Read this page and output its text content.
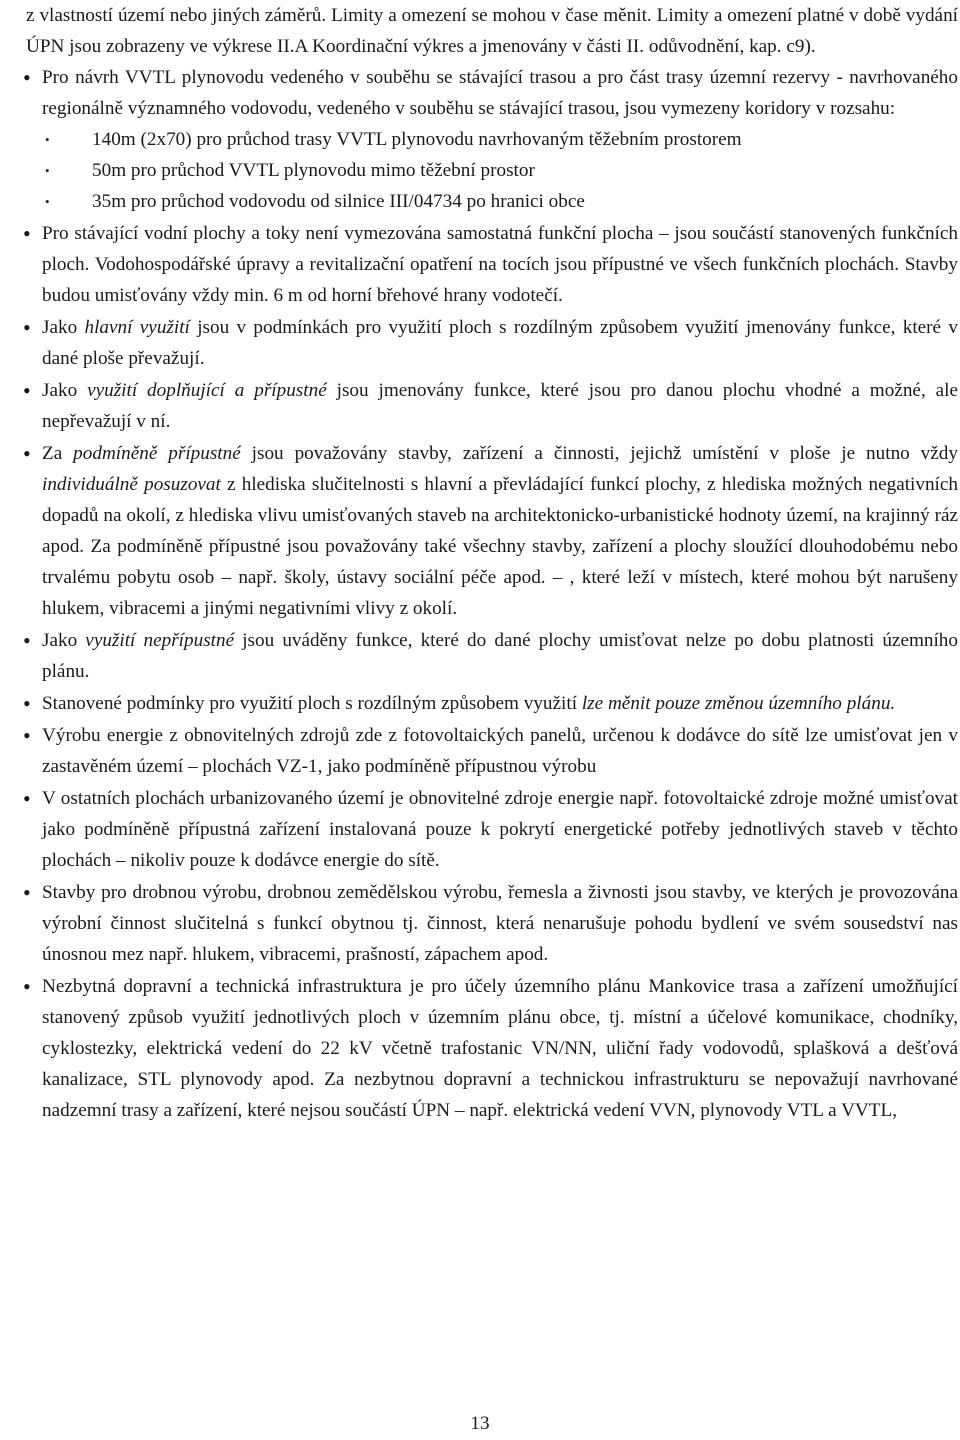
z vlastností území nebo jiných záměrů. Limity a omezení se mohou v čase měnit. Limity a omezení platné v době vydání ÚPN jsou zobrazeny ve výkrese II.A Koordinační výkres a jmenovány v části II. odůvodnění, kap. c9).

• Pro návrh VVTL plynovodu vedeného v souběhu se stávající trasou a pro část trasy územní rezervy - navrhovaného regionálně významného vodovodu, vedeného v souběhu se stávající trasou, jsou vymezeny koridory v rozsahu:
• 140m (2x70) pro průchod trasy VVTL plynovodu navrhovaným těžebním prostorem
• 50m pro průchod VVTL plynovodu mimo těžební prostor
• 35m pro průchod vodovodu od silnice III/04734 po hranici obce
• Pro stávající vodní plochy a toky není vymezována samostatná funkční plocha – jsou součástí stanovených funkčních ploch. Vodohospodářské úpravy a revitalizační opatření na tocích jsou přípustné ve všech funkčních plochách. Stavby budou umisťovány vždy min. 6 m od horní břehové hrany vodotečí.
• Jako hlavní využití jsou v podmínkách pro využití ploch s rozdílným způsobem využití jmenovány funkce, které v dané ploše převažují.
• Jako využití doplňující a přípustné jsou jmenovány funkce, které jsou pro danou plochu vhodné a možné, ale nepřevažují v ní.
• Za podmíněně přípustné jsou považovány stavby, zařízení a činnosti, jejichž umístění v ploše je nutno vždy individuálně posuzovat z hlediska slučitelnosti s hlavní a převládající funkcí plochy, z hlediska možných negativních dopadů na okolí, z hlediska vlivu umisťovaných staveb na architektonicko-urbanistické hodnoty území, na krajinný ráz apod. Za podmíněně přípustné jsou považovány také všechny stavby, zařízení a plochy sloužící dlouhodobému nebo trvalému pobytu osob – např. školy, ústavy sociální péče apod. – , které leží v místech, které mohou být narušeny hlukem, vibracemi a jinými negativními vlivy z okolí.
• Jako využití nepřípustné jsou uváděny funkce, které do dané plochy umisťovat nelze po dobu platnosti územního plánu.
• Stanovené podmínky pro využití ploch s rozdílným způsobem využití lze měnit pouze změnou územního plánu.
• Výrobu energie z obnovitelných zdrojů zde z fotovoltaických panelů, určenou k dodávce do sítě lze umisťovat jen v zastavěném území – plochách VZ-1, jako podmíněně přípustnou výrobu
• V ostatních plochách urbanizovaného území je obnovitelné zdroje energie např. fotovoltaické zdroje možné umisťovat jako podmíněně přípustná zařízení instalovaná pouze k pokrytí energetické potřeby jednotlivých staveb v těchto plochách – nikoliv pouze k dodávce energie do sítě.
• Stavby pro drobnou výrobu, drobnou zemědělskou výrobu, řemesla a živnosti jsou stavby, ve kterých je provozována výrobní činnost slučitelná s funkcí obytnou tj. činnost, která nenarušuje pohodu bydlení ve svém sousedství nas únosnou mez např. hlukem, vibracemi, prašností, zápachem apod.
• Nezbytná dopravní a technická infrastruktura je pro účely územního plánu Mankovice trasa a zařízení umožňující stanovený způsob využití jednotlivých ploch v územním plánu obce, tj. místní a účelové komunikace, chodníky, cyklostezky, elektrická vedení do 22 kV včetně trafostanic VN/NN, uliční řady vodovodů, splašková a dešťová kanalizace, STL plynovody apod. Za nezbytnou dopravní a technickou infrastrukturu se nepovažují navrhované nadzemní trasy a zařízení, které nejsou součástí ÚPN – např. elektrická vedení VVN, plynovody VTL a VVTL,
13
